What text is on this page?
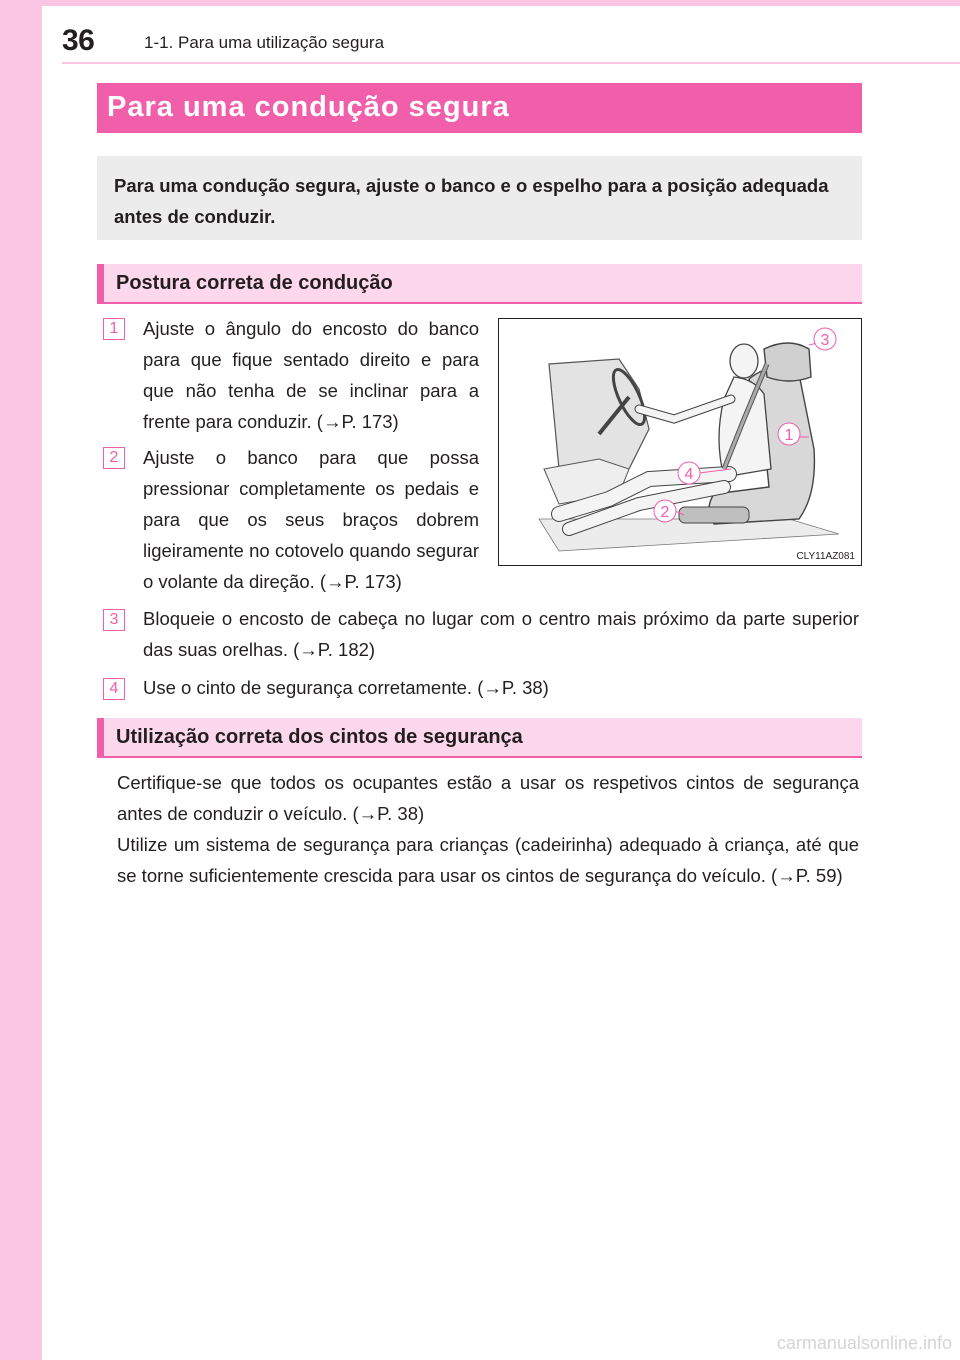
36	1-1. Para uma utilização segura
Para uma condução segura
Para uma condução segura, ajuste o banco e o espelho para a posição adequada antes de conduzir.
Postura correta de condução
1	Ajuste o ângulo do encosto do banco para que fique sentado direito e para que não tenha de se inclinar para a frente para conduzir. (→P. 173)
2	Ajuste o banco para que possa pressionar completamente os pedais e para que os seus braços dobrem ligeiramente no cotovelo quando segurar o volante da direção. (→P. 173)
3
1
4
2
CLY11AZ081
3	Bloqueie o encosto de cabeça no lugar com o centro mais próximo da parte superior das suas orelhas. (→P. 182)
4	Use o cinto de segurança corretamente. (→P. 38)
Utilização correta dos cintos de segurança
Certifique-se que todos os ocupantes estão a usar os respetivos cintos de segurança antes de conduzir o veículo. (→P. 38)
Utilize um sistema de segurança para crianças (cadeirinha) adequado à criança, até que se torne suficientemente crescida para usar os cintos de segurança do veículo. (→P. 59)
carmanualsonline.info
